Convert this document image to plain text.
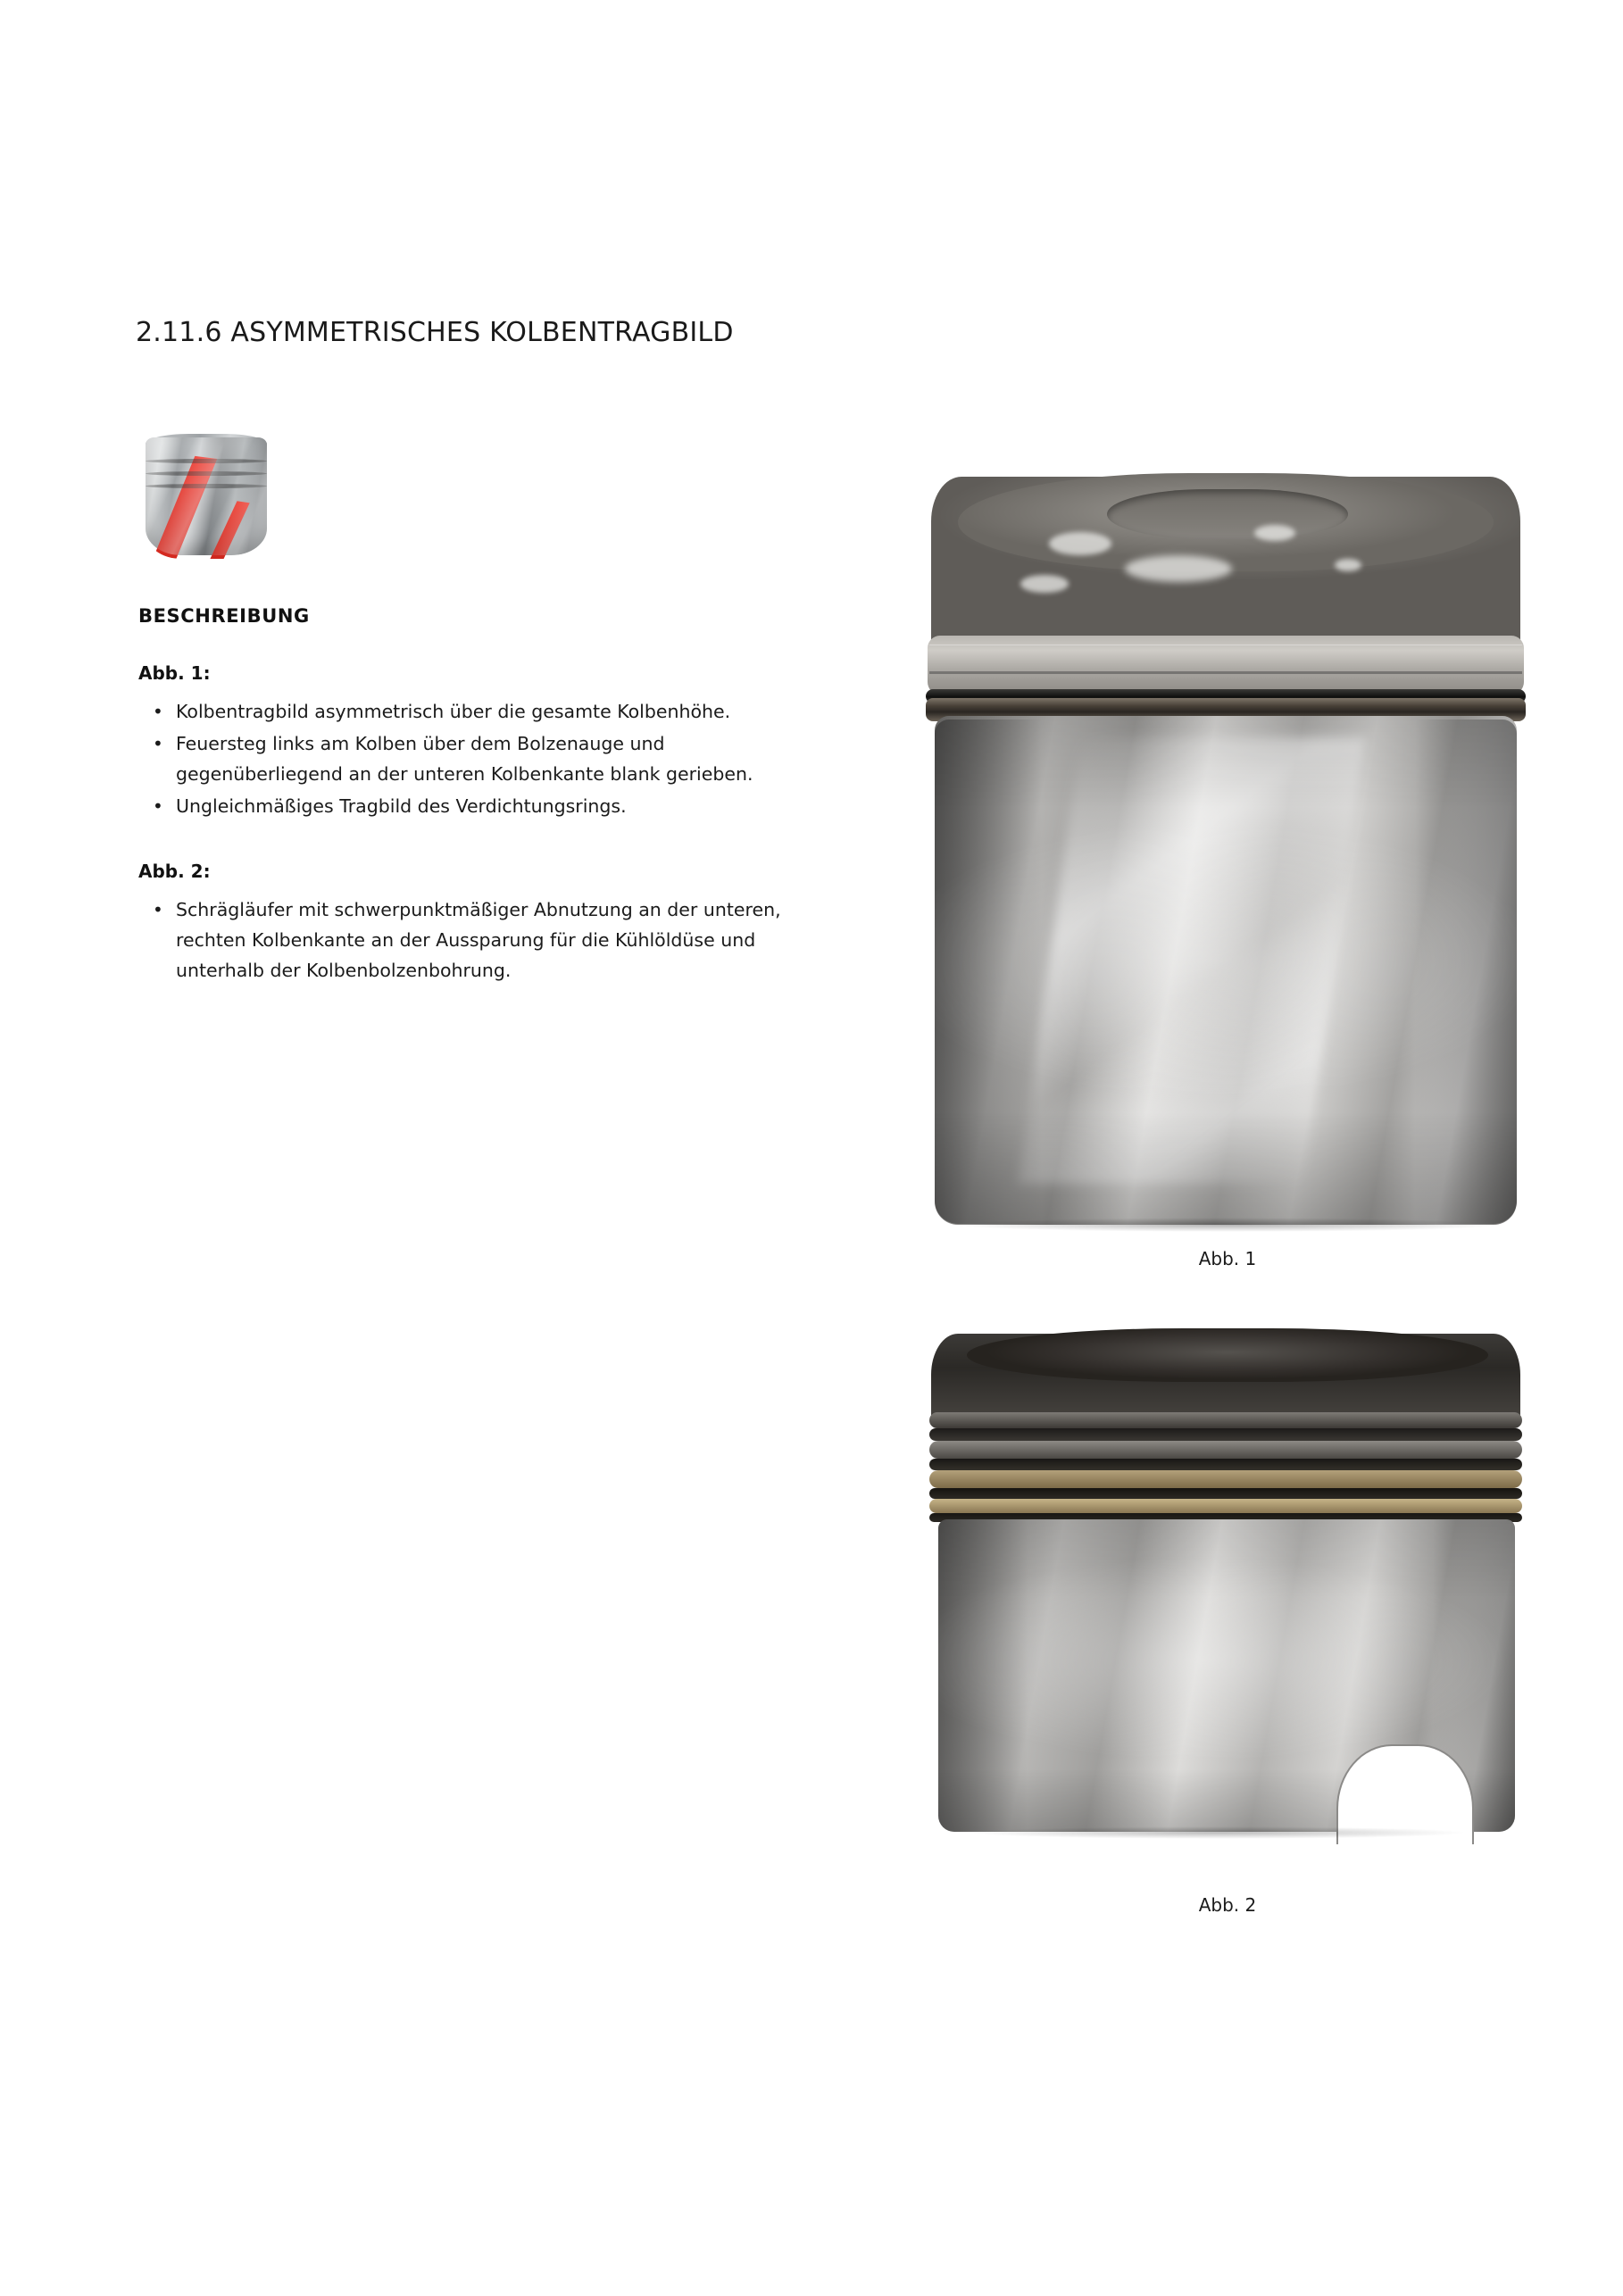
2.11.6 ASYMMETRISCHES KOLBENTRAGBILD
BESCHREIBUNG
Abb. 1:
• Kolbentragbild asymmetrisch über die gesamte Kolbenhöhe.
• Feuersteg links am Kolben über dem Bolzenauge und gegenüberliegend an der unteren Kolbenkante blank gerieben.
• Ungleichmäßiges Tragbild des Verdichtungsrings.
Abb. 2:
• Schrägläufer mit schwerpunktmäßiger Abnutzung an der unteren, rechten Kolbenkante an der Aussparung für die Kühlöldüse und unterhalb der Kolbenbolzenbohrung.
Abb. 1
Abb. 2
